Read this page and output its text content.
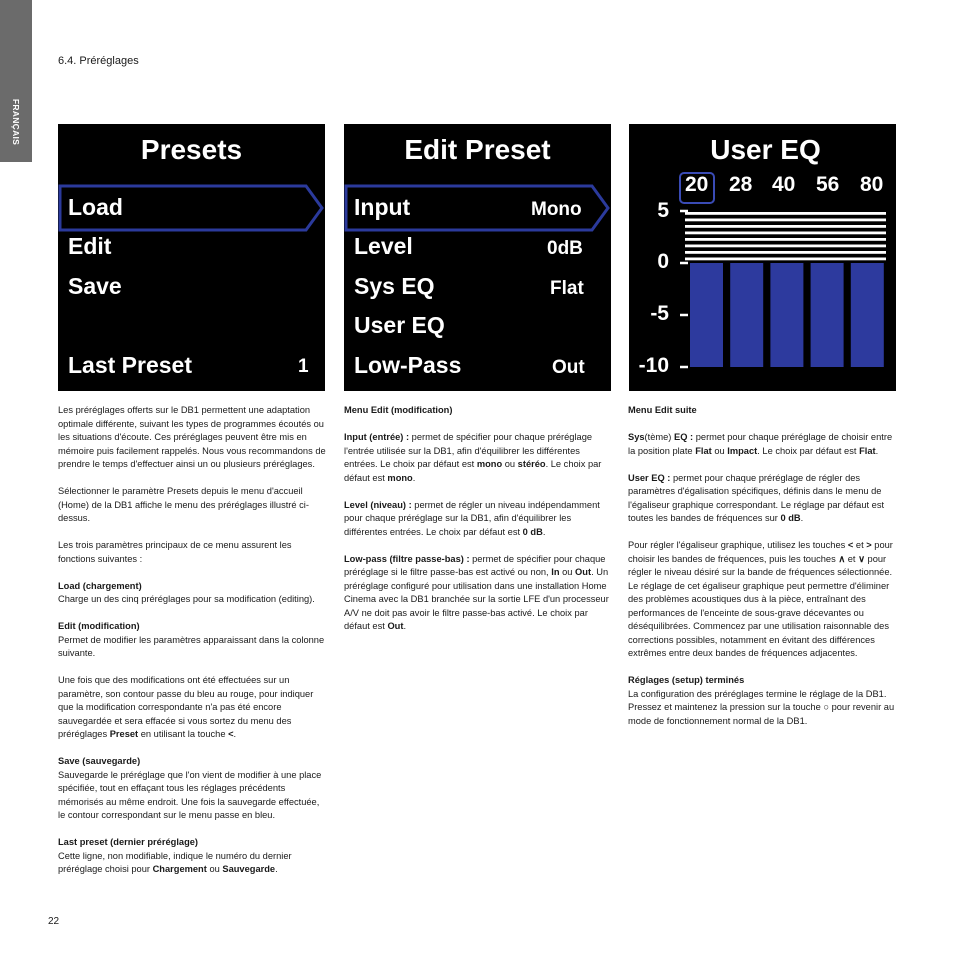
FRANÇAIS
6.4. Préréglages
Presets
Load
Edit
Save
Last Preset	1
Edit Preset
Input	Mono
Level	0dB
Sys EQ	Flat
User EQ
Low-Pass	Out
User EQ
20 28 40 56 80
5
0
-5
-10

Les préréglages offerts sur le DB1 permettent une adaptation optimale différente, suivant les types de programmes écoutés ou les situations d'écoute. Ces préréglages peuvent être mis en mémoire puis facilement rappelés. Nous vous recommandons de prendre le temps d'effectuer ainsi un ou plusieurs préréglages.

Sélectionner le paramètre Presets depuis le menu d'accueil (Home) de la DB1 affiche le menu des préréglages illustré ci-dessus.

Les trois paramètres principaux de ce menu assurent les fonctions suivantes :

Load (chargement)

Charge un des cinq préréglages pour sa modification (editing).

Edit (modification)

Permet de modifier les paramètres apparaissant dans la colonne suivante.

Une fois que des modifications ont été effectuées sur un paramètre, son contour passe du bleu au rouge, pour indiquer que la modification correspondante n'a pas été encore sauvegardée et sera effacée si vous sortez du menu des préréglages Preset en utilisant la touche <.

Save (sauvegarde)

Sauvegarde le préréglage que l'on vient de modifier à une place spécifiée, tout en effaçant tous les réglages précédents mémorisés au même endroit. Une fois la sauvegarde effectuée, le contour correspondant sur le menu passe en bleu.

Last preset (dernier préréglage)

Cette ligne, non modifiable, indique le numéro du dernier préréglage choisi pour Chargement ou Sauvegarde.

Menu Edit (modification)

Input (entrée) : permet de spécifier pour chaque préréglage l'entrée utilisée sur la DB1, afin d'équilibrer les différentes entrées. Le choix par défaut est mono ou stéréo. Le choix par défaut est mono.

Level (niveau) : permet de régler un niveau indépendamment pour chaque préréglage sur la DB1, afin d'équilibrer les différentes entrées. Le choix par défaut est 0 dB.

Low-pass (filtre passe-bas) : permet de spécifier pour chaque préréglage si le filtre passe-bas est activé ou non, In ou Out. Un préréglage configuré pour utilisation dans une installation Home Cinema avec la DB1 branchée sur la sortie LFE d'un processeur A/V ne doit pas avoir le filtre passe-bas activé. Le choix par défaut est Out.

Menu Edit suite

Sys(tème) EQ : permet pour chaque préréglage de choisir entre la position plate Flat ou Impact. Le choix par défaut est Flat.

User EQ : permet pour chaque préréglage de régler des paramètres d'égalisation spécifiques, définis dans le menu de l'égaliseur graphique correspondant. Le réglage par défaut est toutes les bandes de fréquences sur 0 dB.

Pour régler l'égaliseur graphique, utilisez les touches < et > pour choisir les bandes de fréquences, puis les touches ∧ et ∨ pour régler le niveau désiré sur la bande de fréquences sélectionnée. Le réglage de cet égaliseur graphique peut permettre d'éliminer des problèmes acoustiques dus à la pièce, entraînant des performances de l'enceinte de sous-grave décevantes ou déséquilibrées. Commencez par une utilisation raisonnable des corrections possibles, notamment en évitant des différences extrêmes entre deux bandes de fréquences adjacentes.

Réglages (setup) terminés

La configuration des préréglages termine le réglage de la DB1. Pressez et maintenez la pression sur la touche ○ pour revenir au mode de fonctionnement normal de la DB1.

22
